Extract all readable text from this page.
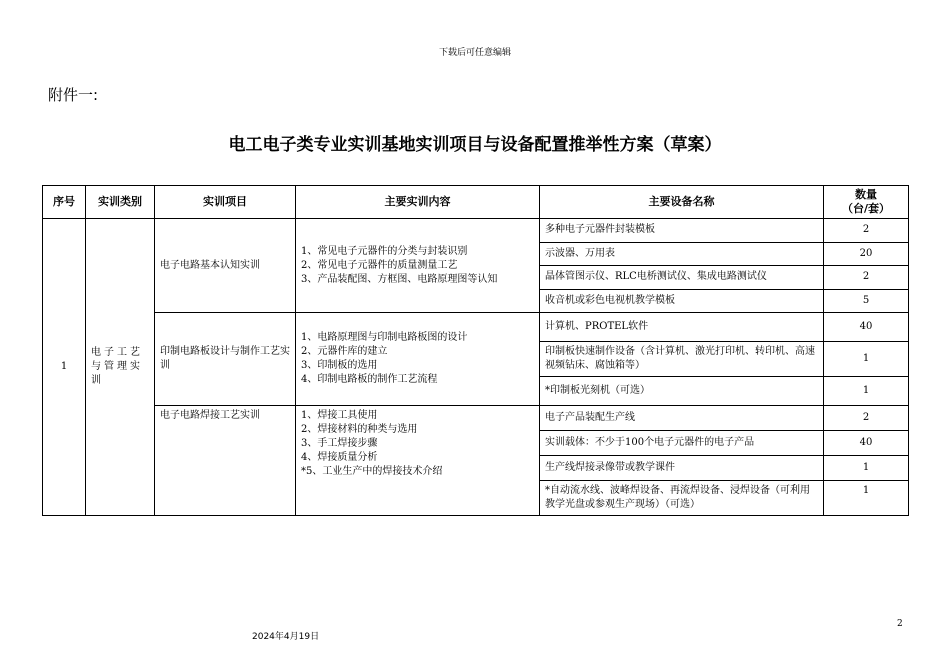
下载后可任意编辑
附件一:
电工电子类专业实训基地实训项目与设备配置推举性方案（草案）
序号	实训类别	实训项目	主要实训内容	主要设备名称	数量
（台/套）

1	电子工艺与管理实训	电子电路基本认知实训	1、常见电子元器件的分类与封装识别
2、常见电子元器件的质量测量工艺
3、产品装配图、方框图、电路原理图等认知	多种电子元器件封装模板	2
				示波器、万用表	20
				晶体管图示仪、RLC电桥测试仪、集成电路测试仪	2
				收音机或彩色电视机教学模板	5
		印制电路板设计与制作工艺实训	1、电路原理图与印制电路板图的设计
2、元器件库的建立
3、印制板的选用
4、印制电路板的制作工艺流程	计算机、PROTEL软件	40
				印制板快速制作设备（含计算机、激光打印机、转印机、高速视频钻床、腐蚀箱等）	1
				*印制板光刻机（可选）	1
		电子电路焊接工艺实训	1、焊接工具使用
2、焊接材料的种类与选用
3、手工焊接步骤
4、焊接质量分析
*5、工业生产中的焊接技术介绍	电子产品装配生产线	2
				实训载体：不少于100个电子元器件的电子产品	40
				生产线焊接录像带或教学课件	1
				*自动流水线、波峰焊设备、再流焊设备、浸焊设备（可利用教学光盘或参观生产现场）（可选）	1
2
2024年4月19日
